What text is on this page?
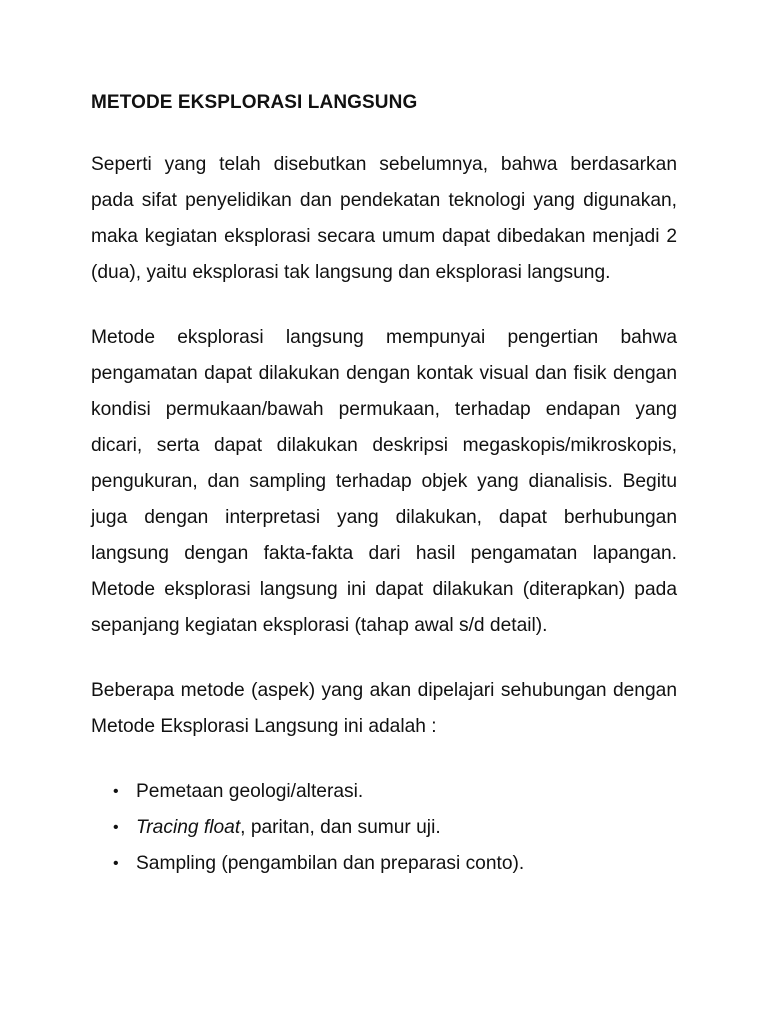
METODE EKSPLORASI LANGSUNG

Seperti yang telah disebutkan sebelumnya, bahwa berdasarkan pada sifat penyelidikan dan pendekatan teknologi yang digunakan, maka kegiatan eksplorasi secara umum dapat dibedakan menjadi 2 (dua), yaitu eksplorasi tak langsung dan eksplorasi langsung.

Metode eksplorasi langsung mempunyai pengertian bahwa pengamatan dapat dilakukan dengan kontak visual dan fisik dengan kondisi permukaan/bawah permukaan, terhadap endapan yang dicari, serta dapat dilakukan deskripsi megaskopis/mikroskopis, pengukuran, dan sampling terhadap objek yang dianalisis. Begitu juga dengan interpretasi yang dilakukan, dapat berhubungan langsung dengan fakta-fakta dari hasil pengamatan lapangan. Metode eksplorasi langsung ini dapat dilakukan (diterapkan) pada sepanjang kegiatan eksplorasi (tahap awal s/d detail).

Beberapa metode (aspek) yang akan dipelajari sehubungan dengan Metode Eksplorasi Langsung ini adalah :

• Pemetaan geologi/alterasi.
• Tracing float, paritan, dan sumur uji.
• Sampling (pengambilan dan preparasi conto).
